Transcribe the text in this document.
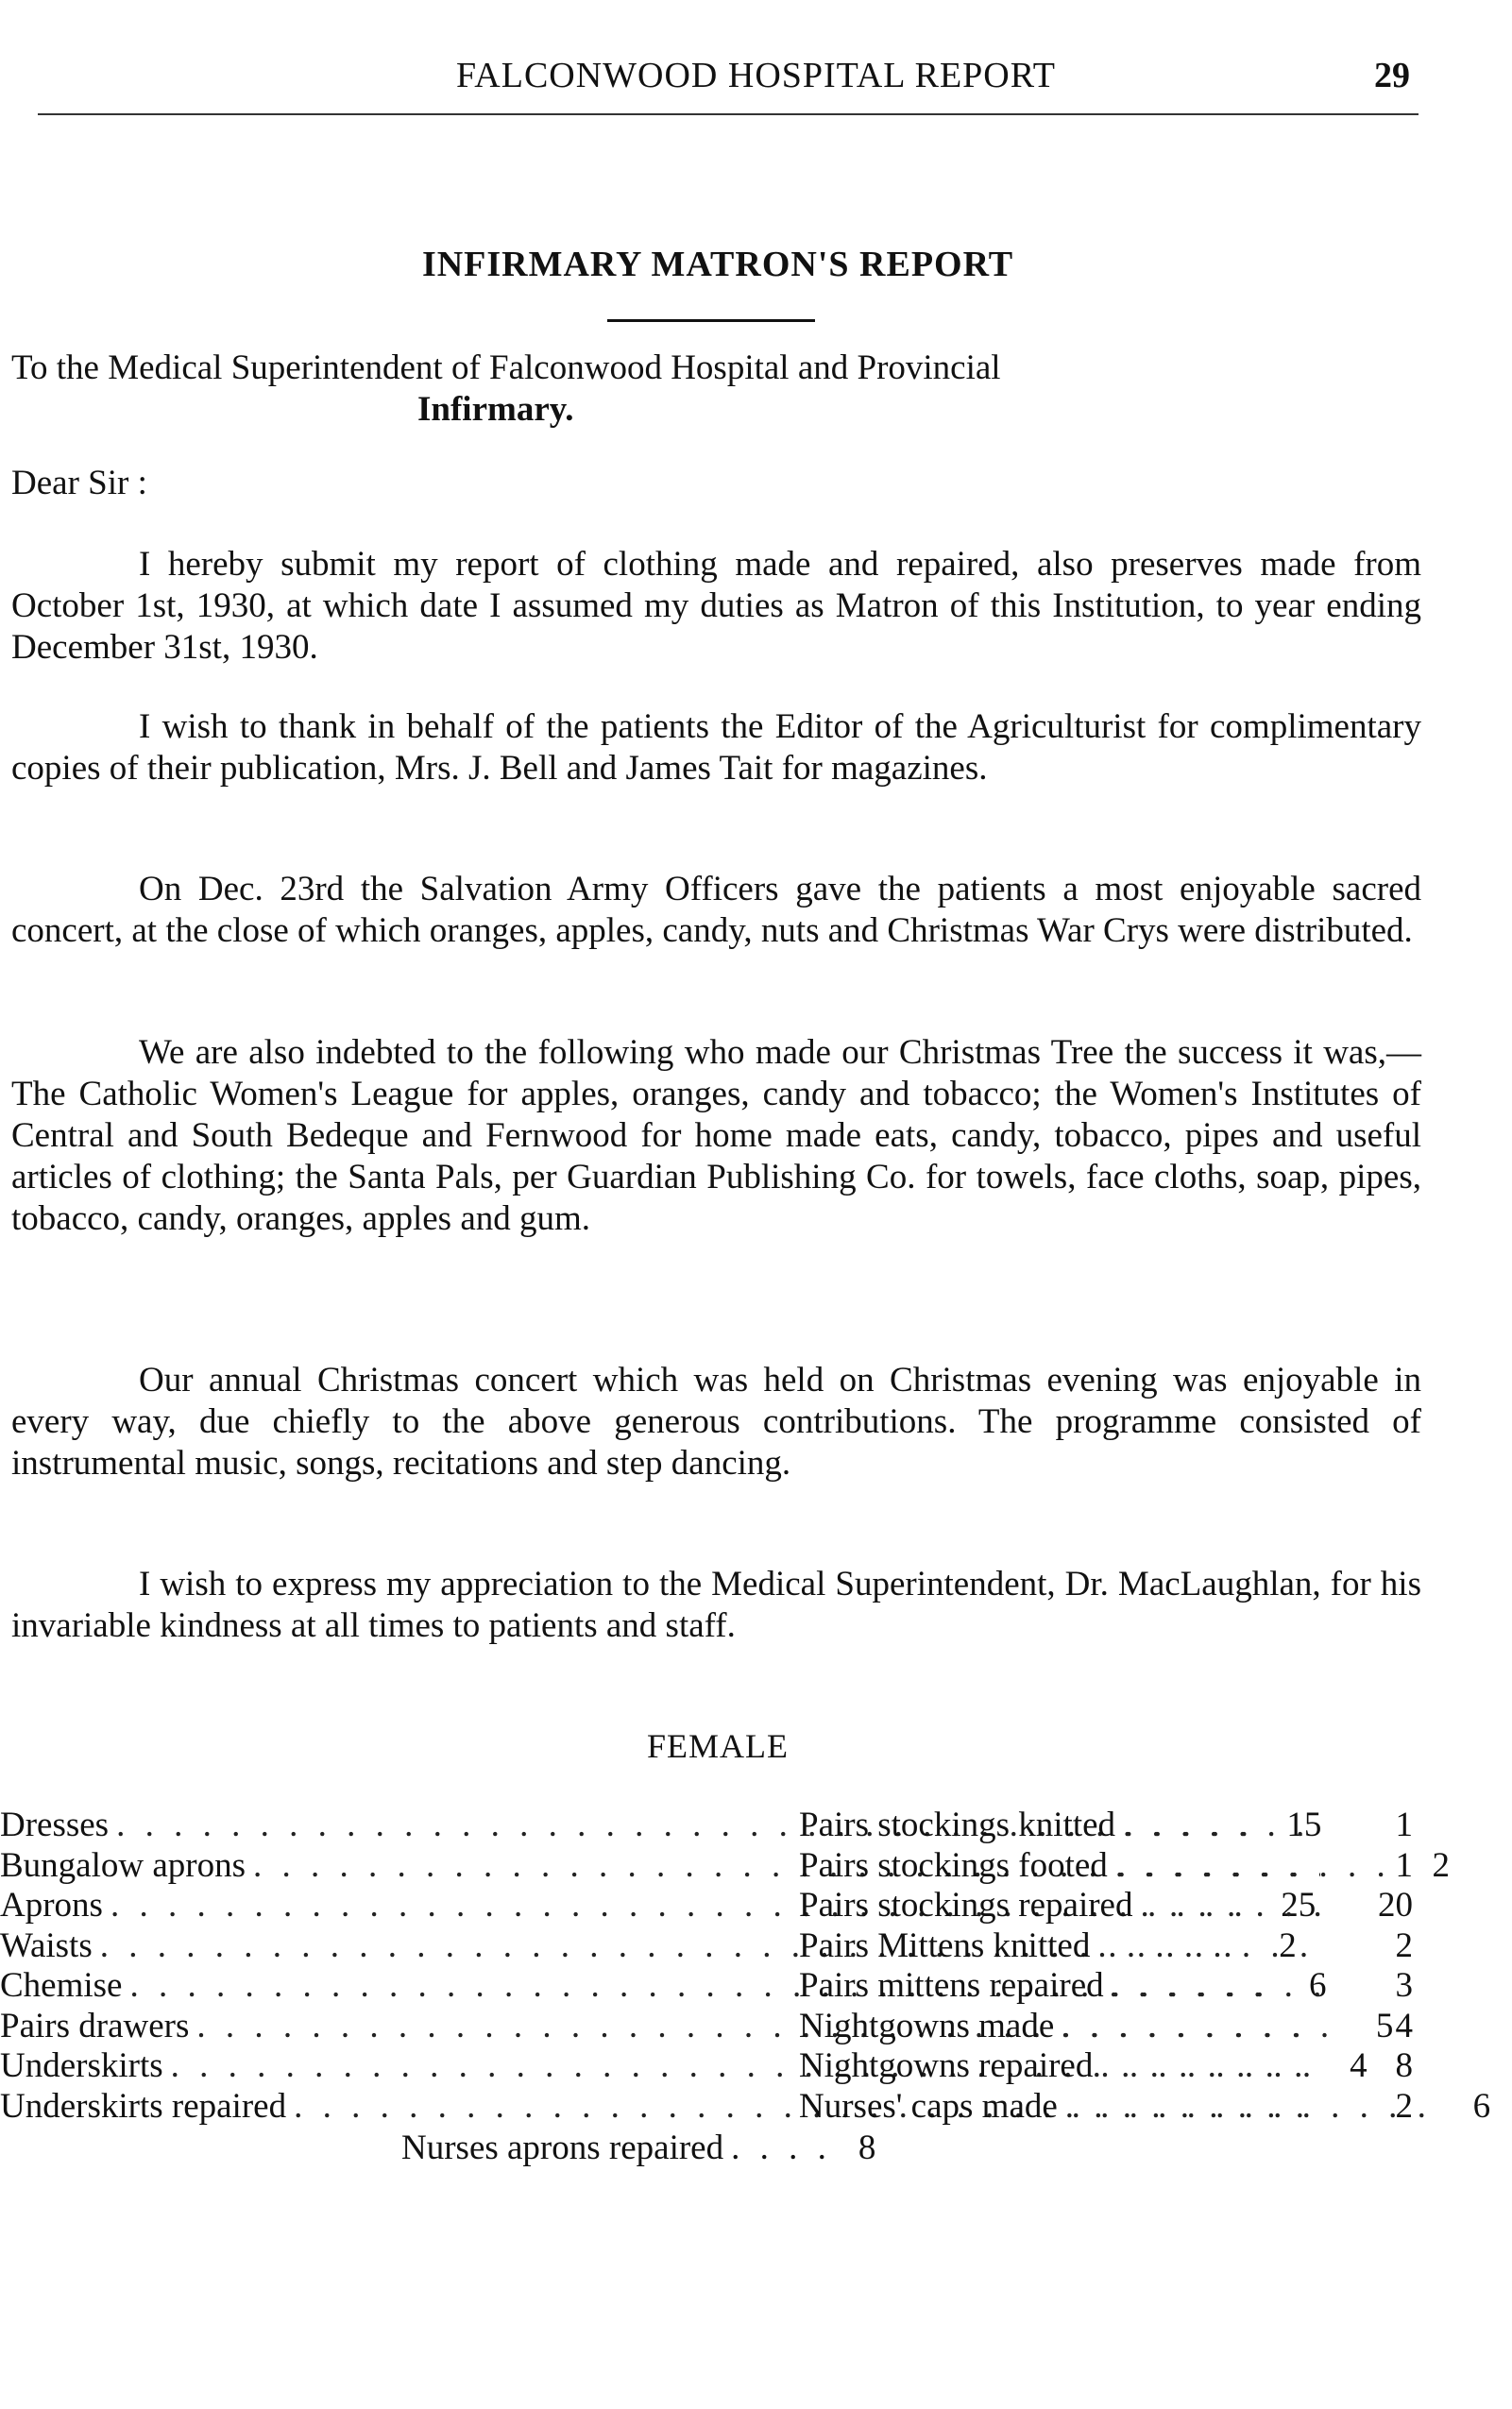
FALCONWOOD HOSPITAL REPORT	29
INFIRMARY MATRON'S REPORT
To the Medical Superintendent of Falconwood Hospital and Provincial
Infirmary.
Dear Sir :
I hereby submit my report of clothing made and repaired, also preserves made from October 1st, 1930, at which date I assumed my duties as Matron of this Institution, to year ending December 31st, 1930.
I wish to thank in behalf of the patients the Editor of the Agriculturist for complimentary copies of their publication, Mrs. J. Bell and James Tait for magazines.
On Dec. 23rd the Salvation Army Officers gave the patients a most enjoyable sacred concert, at the close of which oranges, apples, candy, nuts and Christmas War Crys were distributed.
We are also indebted to the following who made our Christmas Tree the success it was,— The Catholic Women's League for apples, oranges, candy and tobacco; the Women's Institutes of Central and South Bedeque and Fernwood for home made eats, candy, tobacco, pipes and useful articles of clothing; the Santa Pals, per Guardian Publishing Co. for towels, face cloths, soap, pipes, tobacco, candy, oranges, apples and gum.
Our annual Christmas concert which was held on Christmas evening was enjoyable in every way, due chiefly to the above generous contributions. The programme consisted of instrumental music, songs, recitations and step dancing.
I wish to express my appreciation to the Medical Superintendent, Dr. MacLaughlan, for his invariable kindness at all times to patients and staff.
FEMALE
Dresses . . .	15
Bungalow aprons . . .	2
Aprons . . .	25
Waists . . .	2
Chemise . . .	6
Pairs drawers . . .	5
Underskirts . . .	4
Underskirts repaired . . .	6
Pairs stockings knitted . . .	1
Pairs stockings footed . . .	1
Pairs stockings repaired . . .	20
Pairs Mittens knitted . . .	2
Pairs mittens repaired . . .	3
Nightgowns made . . .	4
Nightgowns repaired . . .	8
Nurses' caps made . . .	2
Nurses aprons repaired . . . . 8
